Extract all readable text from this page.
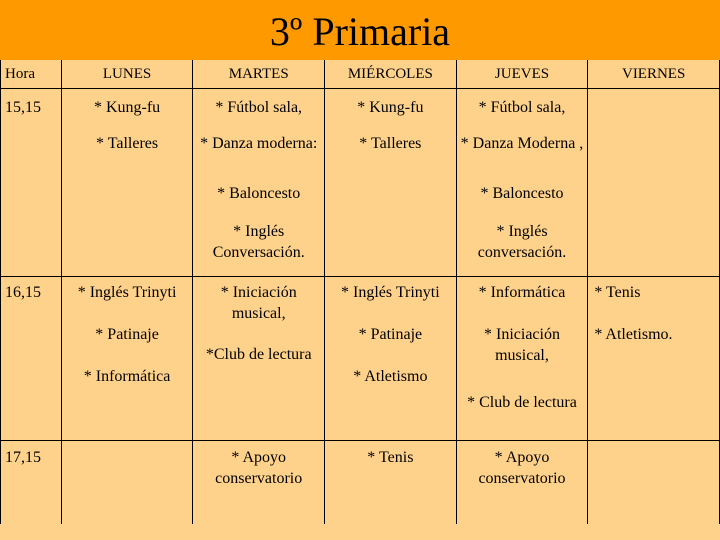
3º Primaria
Hora	LUNES	MARTES	MIÉRCOLES	JUEVES	VIERNES
15,15	* Kung-fu	* Fútbol sala,	* Kung-fu	* Fútbol sala,	
	* Talleres	* Danza moderna:	* Talleres	* Danza Moderna ,	
		* Baloncesto		* Baloncesto	
		* Inglés Conversación.		* Inglés conversación.	
16,15	* Inglés Trinyti	* Iniciación musical,	* Inglés Trinyti	* Informática	* Tenis
	* Patinaje	*Club de lectura	* Patinaje	* Iniciación musical,	* Atletismo.
	* Informática		* Atletismo		
				* Club de lectura	
17,15		* Apoyo conservatorio	* Tenis	* Apoyo conservatorio	
